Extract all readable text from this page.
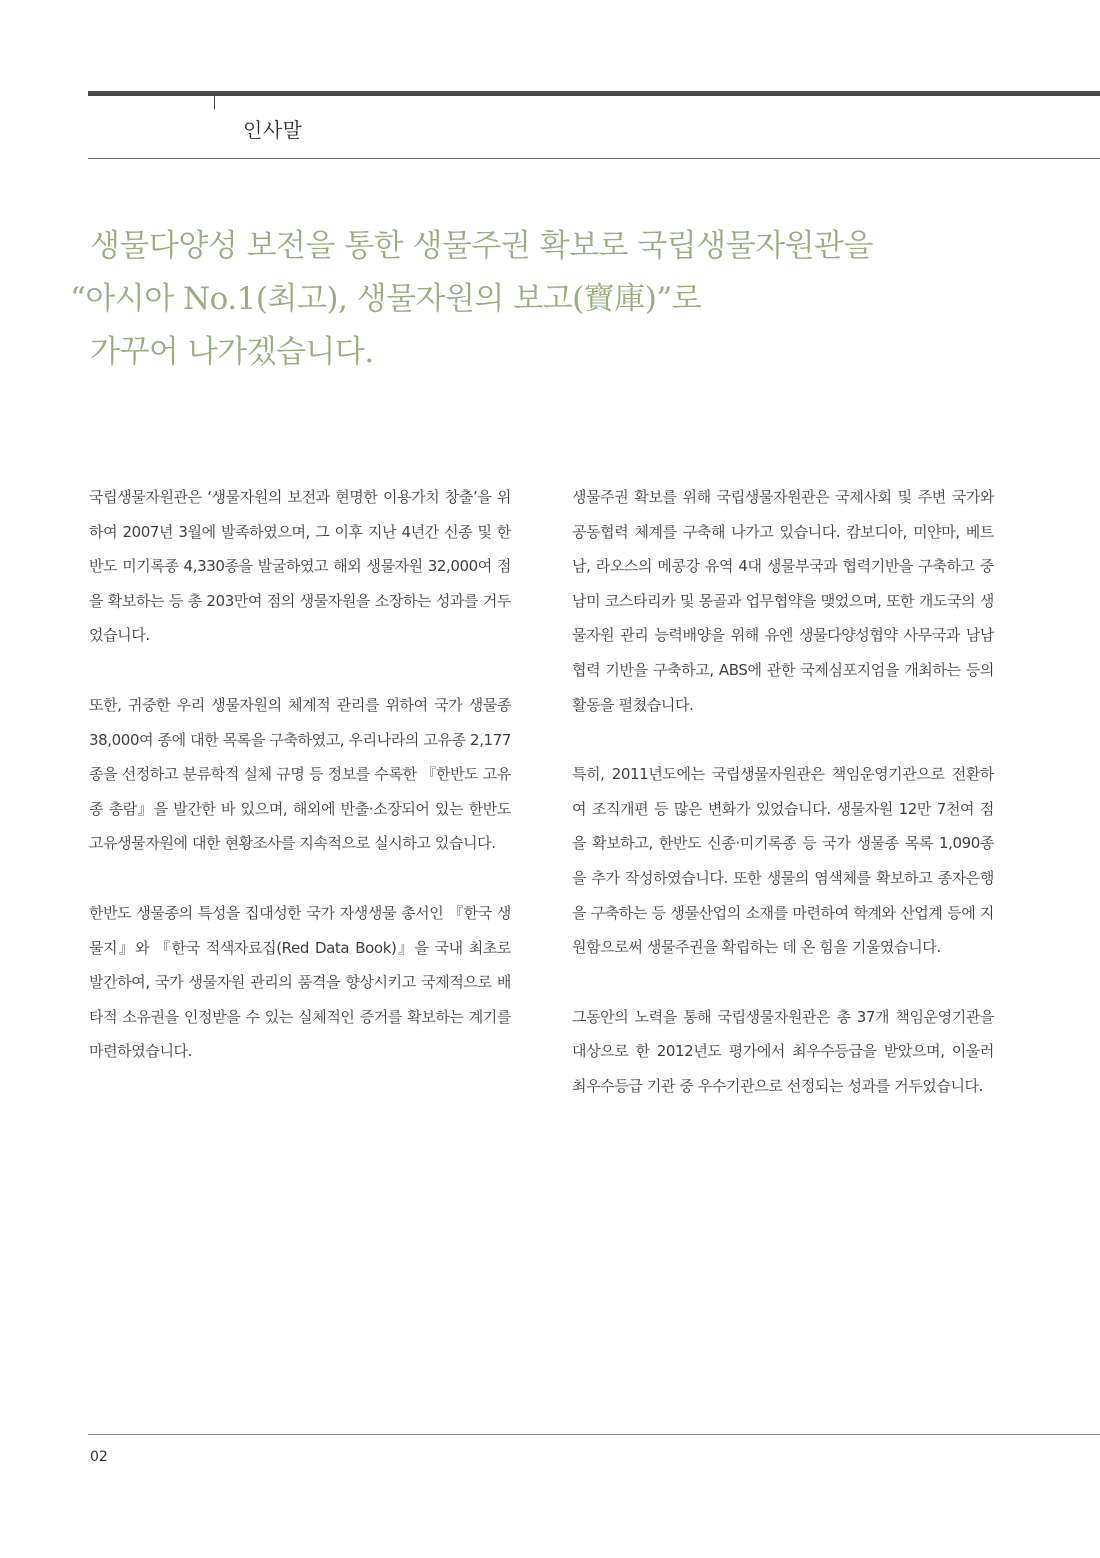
인사말
생물다양성 보전을 통한 생물주권 확보로 국립생물자원관을
“아시아 No.1(최고), 생물자원의 보고(寶庫)”로
가꾸어 나가겠습니다.

국립생물자원관은 ‘생물자원의 보전과 현명한 이용가치 창출’을 위하여 2007년 3월에 발족하였으며, 그 이후 지난 4년간 신종 및 한반도 미기록종 4,330종을 발굴하였고 해외 생물자원 32,000여 점을 확보하는 등 총 203만여 점의 생물자원을 소장하는 성과를 거두었습니다.

또한, 귀중한 우리 생물자원의 체계적 관리를 위하여 국가 생물종 38,000여 종에 대한 목록을 구축하였고, 우리나라의 고유종 2,177종을 선정하고 분류학적 실체 규명 등 정보를 수록한 『한반도 고유종 총람』을 발간한 바 있으며, 해외에 반출·소장되어 있는 한반도 고유생물자원에 대한 현황조사를 지속적으로 실시하고 있습니다.

한반도 생물종의 특성을 집대성한 국가 자생생물 총서인 『한국 생물지』와 『한국 적색자료집(Red Data Book)』을 국내 최초로 발간하여, 국가 생물자원 관리의 품격을 향상시키고 국제적으로 배타적 소유권을 인정받을 수 있는 실체적인 증거를 확보하는 계기를 마련하였습니다.

생물주권 확보를 위해 국립생물자원관은 국제사회 및 주변 국가와 공동협력 체계를 구축해 나가고 있습니다. 캄보디아, 미얀마, 베트남, 라오스의 메콩강 유역 4대 생물부국과 협력기반을 구축하고 중남미 코스타리카 및 몽골과 업무협약을 맺었으며, 또한 개도국의 생물자원 관리 능력배양을 위해 유엔 생물다양성협약 사무국과 남남협력 기반을 구축하고, ABS에 관한 국제심포지엄을 개최하는 등의 활동을 펼쳤습니다.

특히, 2011년도에는 국립생물자원관은 책임운영기관으로 전환하여 조직개편 등 많은 변화가 있었습니다. 생물자원 12만 7천여 점을 확보하고, 한반도 신종·미기록종 등 국가 생물종 목록 1,090종을 추가 작성하였습니다. 또한 생물의 염색체를 확보하고 종자은행을 구축하는 등 생물산업의 소재를 마련하여 학계와 산업계 등에 지원함으로써 생물주권을 확립하는 데 온 힘을 기울였습니다.

그동안의 노력을 통해 국립생물자원관은 총 37개 책임운영기관을 대상으로 한 2012년도 평가에서 최우수등급을 받았으며, 이울러 최우수등급 기관 중 우수기관으로 선정되는 성과를 거두었습니다.

02
